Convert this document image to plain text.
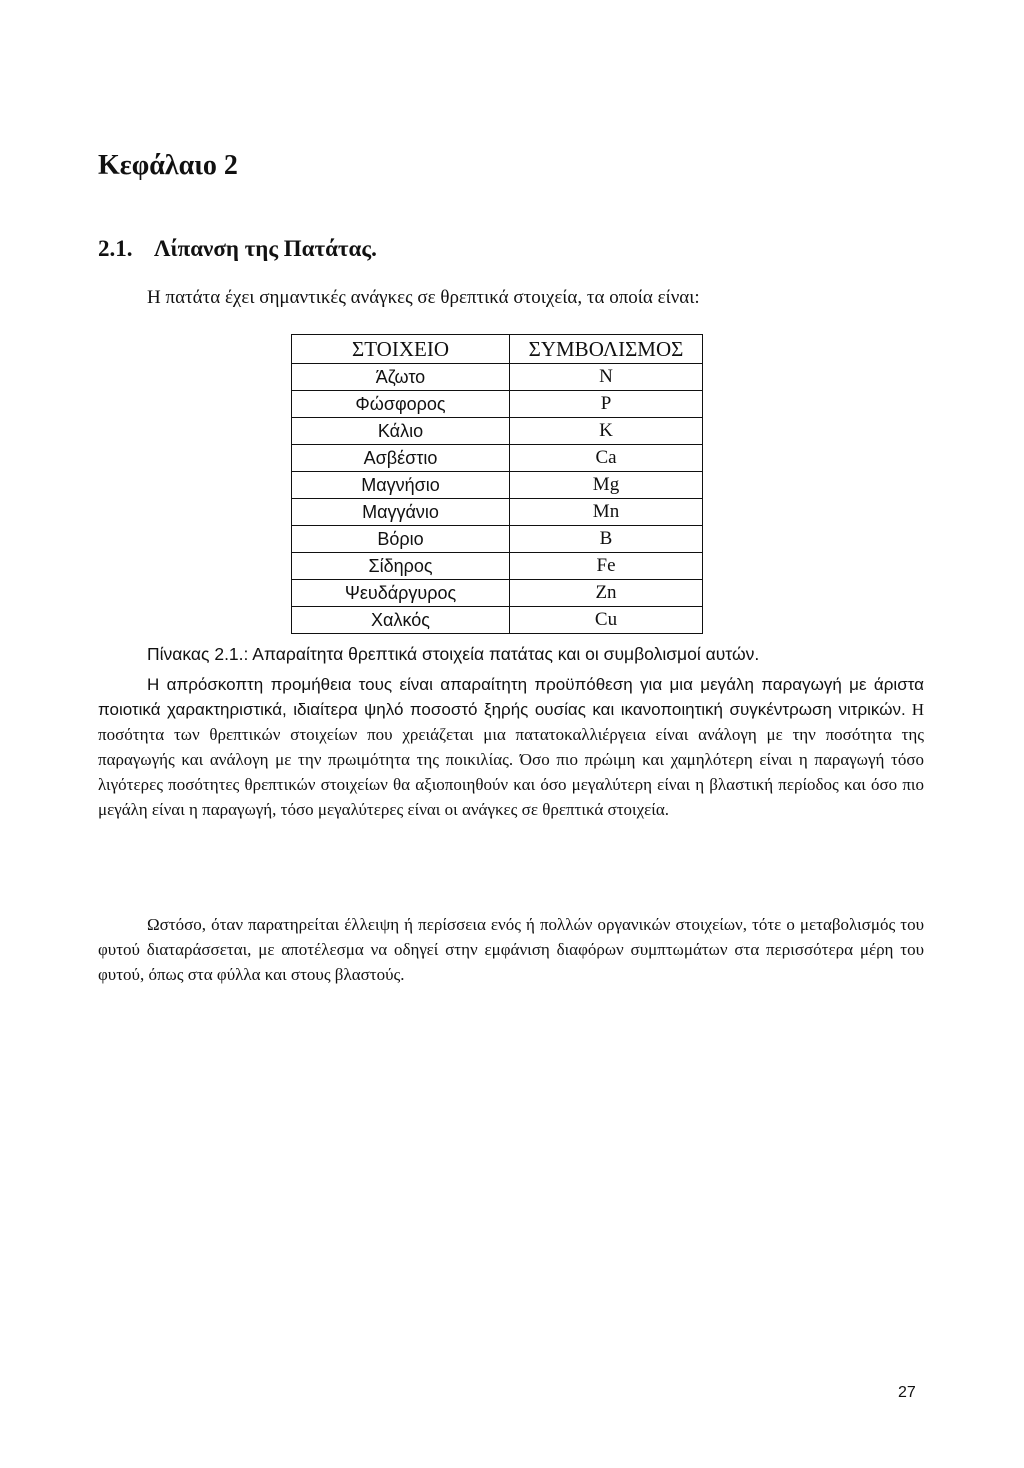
Κεφάλαιο 2
2.1. Λίπανση της Πατάτας.

Η πατάτα έχει σημαντικές ανάγκες σε θρεπτικά στοιχεία, τα οποία είναι:

ΣΤΟΙΧΕΙΟ	ΣΥΜΒΟΛΙΣΜΟΣ
Άζωτο	N
Φώσφορος	P
Κάλιο	K
Ασβέστιο	Ca
Μαγνήσιο	Mg
Μαγγάνιο	Mn
Βόριο	B
Σίδηρος	Fe
Ψευδάργυρος	Zn
Χαλκός	Cu

Πίνακας 2.1.: Απαραίτητα θρεπτικά στοιχεία πατάτας και οι συμβολισμοί αυτών.

Η απρόσκοπτη προμήθεια τους είναι απαραίτητη προϋπόθεση για μια μεγάλη παραγωγή με άριστα ποιοτικά χαρακτηριστικά, ιδιαίτερα ψηλό ποσοστό ξηρής ουσίας και ικανοποιητική συγκέντρωση νιτρικών. Η ποσότητα των θρεπτικών στοιχείων που χρειάζεται μια πατατοκαλλιέργεια είναι ανάλογη με την ποσότητα της παραγωγής και ανάλογη με την πρωιμότητα της ποικιλίας. Όσο πιο πρώιμη και χαμηλότερη είναι η παραγωγή τόσο λιγότερες ποσότητες θρεπτικών στοιχείων θα αξιοποιηθούν και όσο μεγαλύτερη είναι η βλαστική περίοδος και όσο πιο μεγάλη είναι η παραγωγή, τόσο μεγαλύτερες είναι οι ανάγκες σε θρεπτικά στοιχεία.

Ωστόσο, όταν παρατηρείται έλλειψη ή περίσσεια ενός ή πολλών οργανικών στοιχείων, τότε ο μεταβολισμός του φυτού διαταράσσεται, με αποτέλεσμα να οδηγεί στην εμφάνιση διαφόρων συμπτωμάτων στα περισσότερα μέρη του φυτού, όπως στα φύλλα και στους βλαστούς.

27
